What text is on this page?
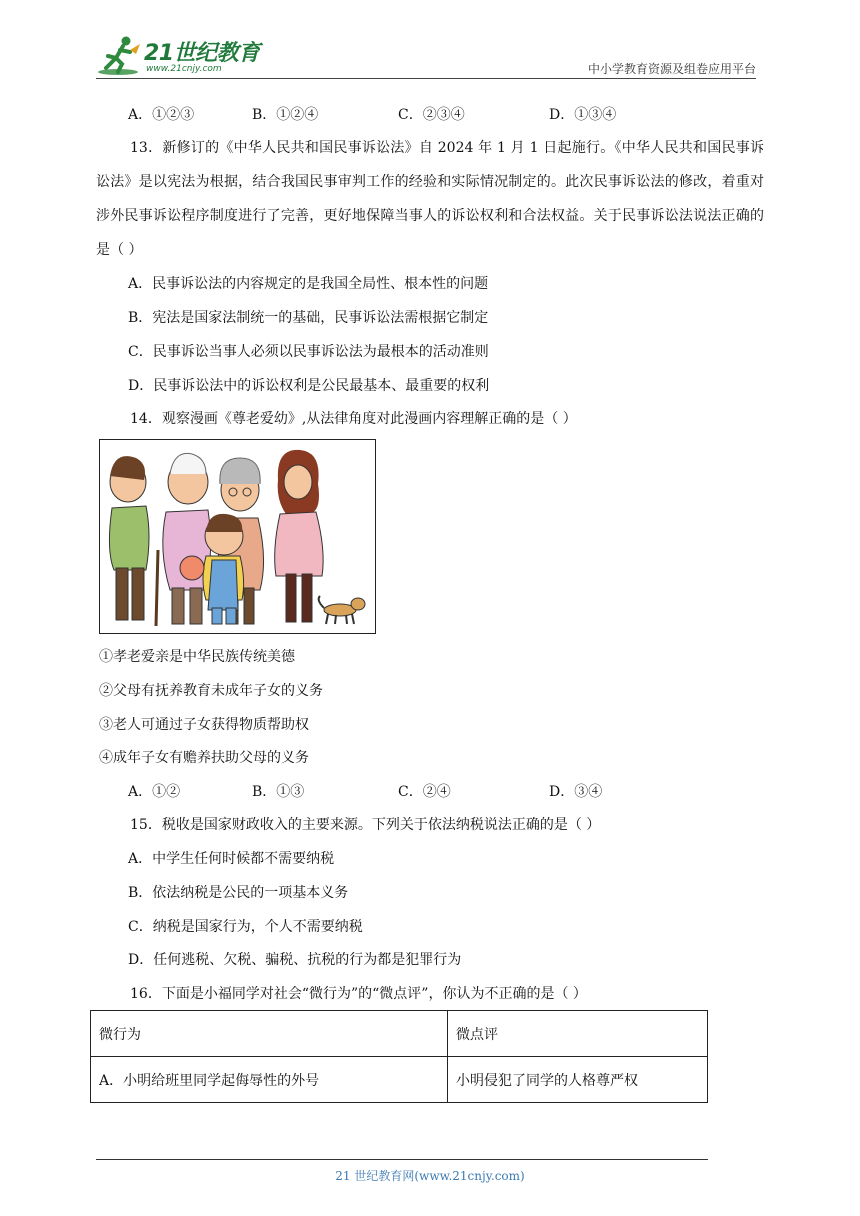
21世纪教育
www.21cnjy.com	中小学教育资源及组卷应用平台
A．①②③	B．①②④	C．②③④	D．①③④
13．新修订的《中华人民共和国民事诉讼法》自 2024 年 1 月 1 日起施行。《中华人民共和国民事诉讼法》是以宪法为根据，结合我国民事审判工作的经验和实际情况制定的。此次民事诉讼法的修改，着重对涉外民事诉讼程序制度进行了完善，更好地保障当事人的诉讼权利和合法权益。关于民事诉讼法说法正确的是（ ）
A．民事诉讼法的内容规定的是我国全局性、根本性的问题
B．宪法是国家法制统一的基础，民事诉讼法需根据它制定
C．民事诉讼当事人必须以民事诉讼法为最根本的活动准则
D．民事诉讼法中的诉讼权利是公民最基本、最重要的权利
14．观察漫画《尊老爱幼》,从法律角度对此漫画内容理解正确的是（ ）
①孝老爱亲是中华民族传统美德
②父母有抚养教育未成年子女的义务
③老人可通过子女获得物质帮助权
④成年子女有赡养扶助父母的义务
A．①②	B．①③	C．②④	D．③④
15．税收是国家财政收入的主要来源。下列关于依法纳税说法正确的是（ ）
A．中学生任何时候都不需要纳税
B．依法纳税是公民的一项基本义务
C．纳税是国家行为，个人不需要纳税
D．任何逃税、欠税、骗税、抗税的行为都是犯罪行为
16．下面是小福同学对社会“微行为”的“微点评”，你认为不正确的是（ ）
微行为	微点评
A．小明给班里同学起侮辱性的外号	小明侵犯了同学的人格尊严权
21 世纪教育网(www.21cnjy.com)
